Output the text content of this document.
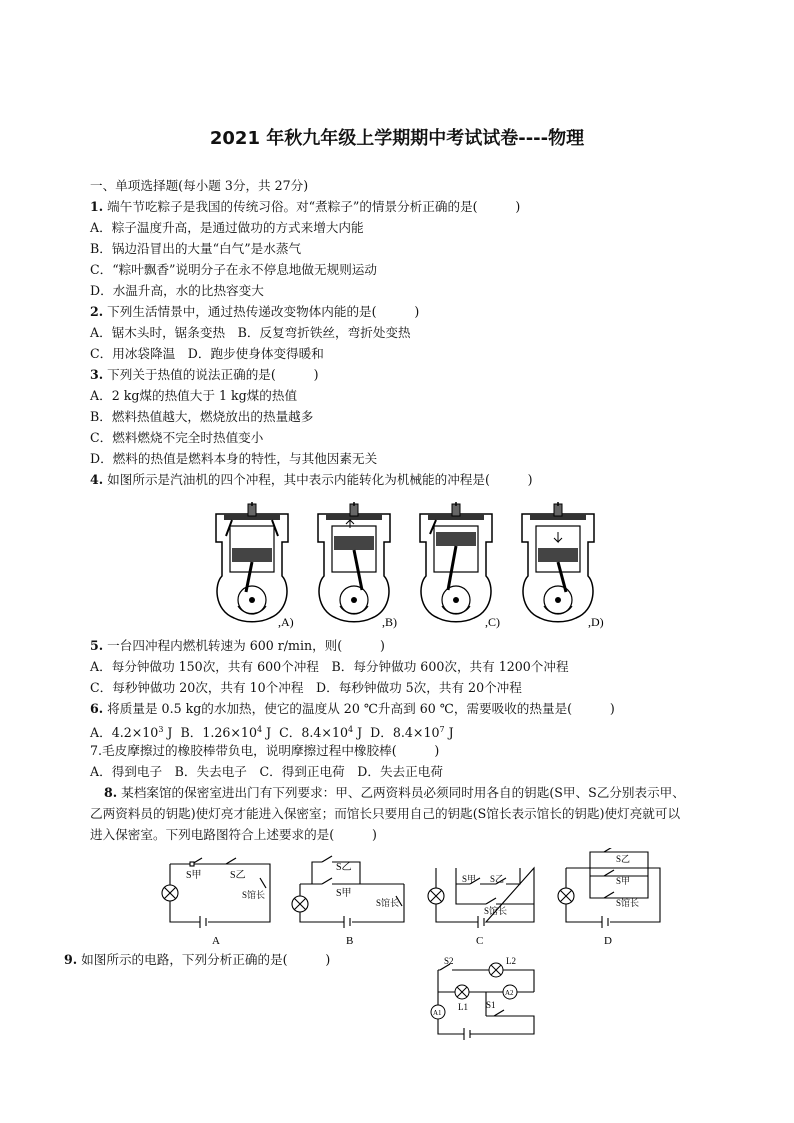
2021 年秋九年级上学期期中考试试卷----物理
一、单项选择题(每小题 3分，共 27分)
1. 端午节吃粽子是我国的传统习俗。对“煮粽子”的情景分析正确的是(　　　)
A．粽子温度升高，是通过做功的方式来增大内能
B．锅边沿冒出的大量“白气”是水蒸气
C．“粽叶飘香”说明分子在永不停息地做无规则运动
D．水温升高，水的比热容变大
2. 下列生活情景中，通过热传递改变物体内能的是(　　　)
A．锯木头时，锯条变热　B．反复弯折铁丝，弯折处变热
C．用冰袋降温　D．跑步使身体变得暖和
3. 下列关于热值的说法正确的是(　　　)
A．2 kg煤的热值大于 1 kg煤的热值
B．燃料热值越大，燃烧放出的热量越多
C．燃料燃烧不完全时热值变小
D．燃料的热值是燃料本身的特性，与其他因素无关
4. 如图所示是汽油机的四个冲程，其中表示内能转化为机械能的冲程是(　　　)
,A)	,B)	,C)	,D)
5. 一台四冲程内燃机转速为 600 r/min，则(　　　)
A．每分钟做功 150次，共有 600个冲程　B．每分钟做功 600次，共有 1200个冲程
C．每秒钟做功 20次，共有 10个冲程　D．每秒钟做功 5次，共有 20个冲程
6. 将质量是 0.5 kg的水加热，使它的温度从 20 ℃升高到 60 ℃，需要吸收的热量是(　　　)
A．$4.2\times 10^3$ J  B．$1.26\times 10^4$ J  C．$8.4\times 10^4$ J  D．$8.4\times 10^7$ J
7.毛皮摩擦过的橡胶棒带负电，说明摩擦过程中橡胶棒(　　　)
A．得到电子　B．失去电子　C．得到正电荷　D．失去正电荷
8. 某档案馆的保密室进出门有下列要求：甲、乙两资料员必须同时用各自的钥匙(S甲、S乙分别表示甲、
乙两资料员的钥匙)使灯亮才能进入保密室；而馆长只要用自己的钥匙(S馆长表示馆长的钥匙)使灯亮就可以
进入保密室。下列电路图符合上述要求的是(　　　)
S甲	S乙
S馆长
A
S乙
S甲
S馆长
B
S甲 S乙
S馆长
C
S乙
S甲
S馆长
D
9. 如图所示的电路，下列分析正确的是(　　　)	S2	L2
L1
A1
A2
S1
